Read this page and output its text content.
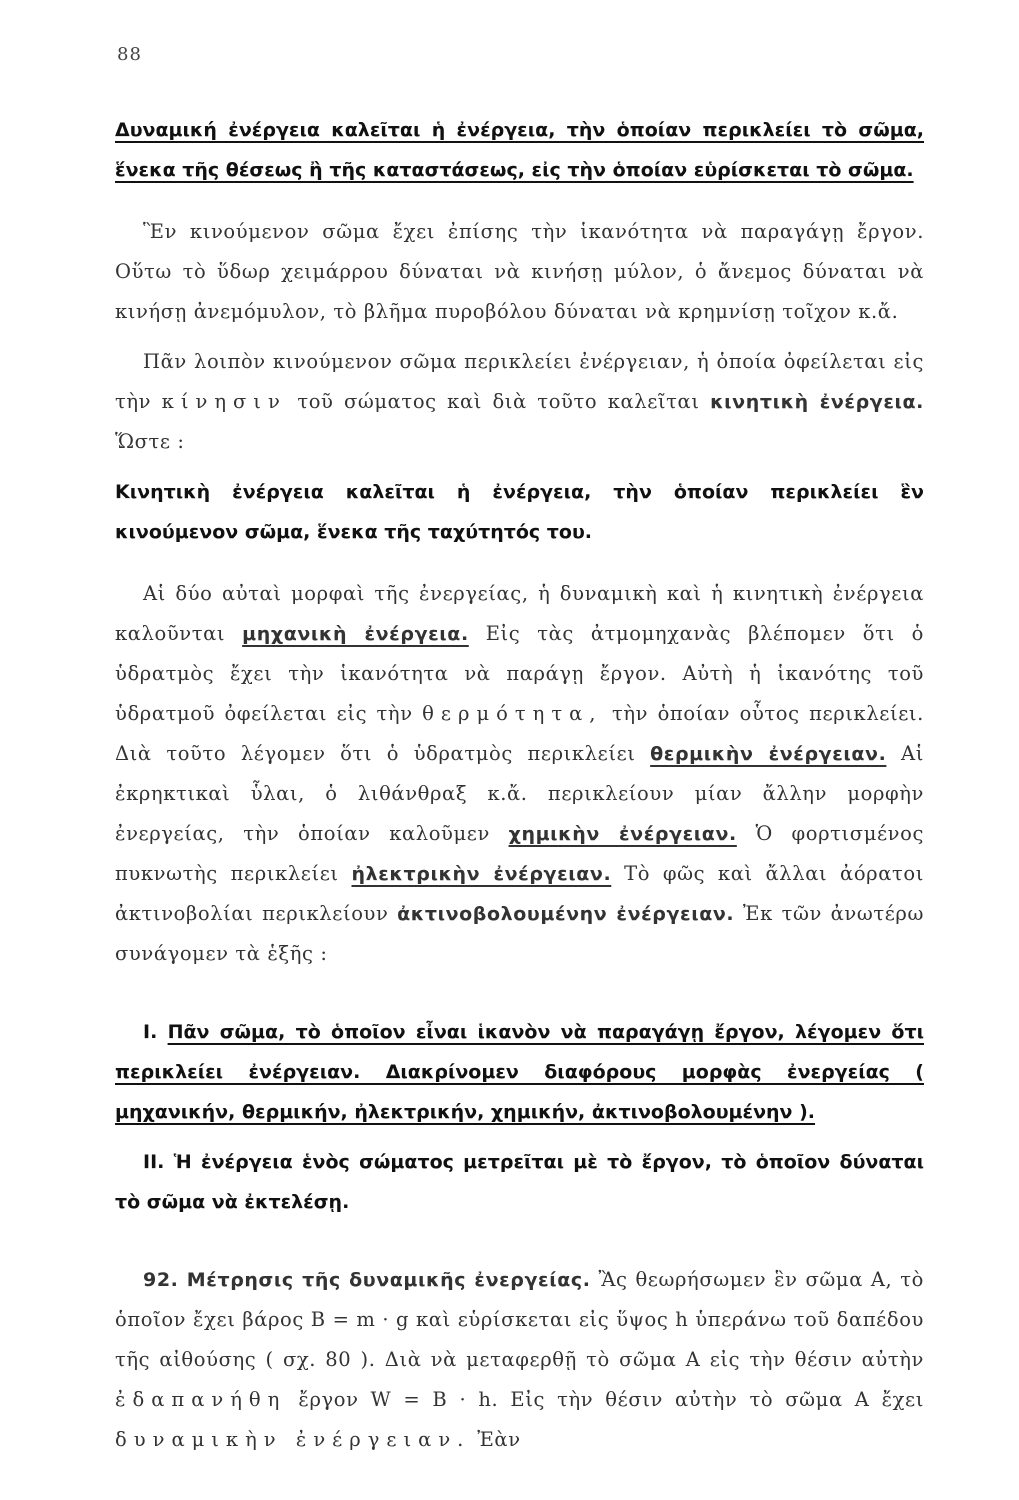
88

Δυναμική ἐνέργεια καλεῖται ἡ ἐνέργεια, τὴν ὁποίαν περικλείει τὸ σῶμα, ἕνεκα τῆς θέσεως ἢ τῆς καταστάσεως, εἰς τὴν ὁποίαν εὑρίσκεται τὸ σῶμα.

Ἓν κινούμενον σῶμα ἔχει ἐπίσης τὴν ἱκανότητα νὰ παραγάγῃ ἔργον. Οὕτω τὸ ὕδωρ χειμάρρου δύναται νὰ κινήσῃ μύλον, ὁ ἄνεμος δύναται νὰ κινήσῃ ἀνεμόμυλον, τὸ βλῆμα πυροβόλου δύναται νὰ κρημνίσῃ τοῖχον κ.ἄ.

Πᾶν λοιπὸν κινούμενον σῶμα περικλείει ἐνέργειαν, ἡ ὁποία ὀφείλεται εἰς τὴν κίνησιν τοῦ σώματος καὶ διὰ τοῦτο καλεῖται κινητικὴ ἐνέργεια. Ὥστε :

Κινητικὴ ἐνέργεια καλεῖται ἡ ἐνέργεια, τὴν ὁποίαν περικλείει ἓν κινούμενον σῶμα, ἕνεκα τῆς ταχύτητός του.

Αἱ δύο αὐταὶ μορφαὶ τῆς ἐνεργείας, ἡ δυναμικὴ καὶ ἡ κινητικὴ ἐνέργεια καλοῦνται μηχανικὴ ἐνέργεια. Εἰς τὰς ἀτμομηχανὰς βλέπομεν ὅτι ὁ ὑδρατμὸς ἔχει τὴν ἱκανότητα νὰ παράγῃ ἔργον. Αὐτὴ ἡ ἱκανότης τοῦ ὑδρατμοῦ ὀφείλεται εἰς τὴν θερμότητα, τὴν ὁποίαν οὗτος περικλείει. Διὰ τοῦτο λέγομεν ὅτι ὁ ὑδρατμὸς περικλείει θερμικὴν ἐνέργειαν. Αἱ ἐκρηκτικαὶ ὗλαι, ὁ λιθάνθραξ κ.ἄ. περικλείουν μίαν ἄλλην μορφὴν ἐνεργείας, τὴν ὁποίαν καλοῦμεν χημικὴν ἐνέργειαν. Ὁ φορτισμένος πυκνωτὴς περικλείει ἠλεκτρικὴν ἐνέργειαν. Τὸ φῶς καὶ ἄλλαι ἀόρατοι ἀκτινοβολίαι περικλείουν ἀκτινοβολουμένην ἐνέργειαν. Ἐκ τῶν ἀνωτέρω συνάγομεν τὰ ἑξῆς :

Ι. Πᾶν σῶμα, τὸ ὁποῖον εἶναι ἱκανὸν νὰ παραγάγῃ ἔργον, λέγομεν ὅτι περικλείει ἐνέργειαν. Διακρίνομεν διαφόρους μορφὰς ἐνεργείας ( μηχανικήν, θερμικήν, ἠλεκτρικήν, χημικήν, ἀκτινοβολουμένην ).

ΙΙ. Ἡ ἐνέργεια ἑνὸς σώματος μετρεῖται μὲ τὸ ἔργον, τὸ ὁποῖον δύναται τὸ σῶμα νὰ ἐκτελέσῃ.

92. Μέτρησις τῆς δυναμικῆς ἐνεργείας. Ἂς θεωρήσωμεν ἓν σῶμα Α, τὸ ὁποῖον ἔχει βάρος Β = m · g καὶ εὑρίσκεται εἰς ὕψος h ὑπεράνω τοῦ δαπέδου τῆς αἰθούσης ( σχ. 80 ). Διὰ νὰ μεταφερθῇ τὸ σῶμα Α εἰς τὴν θέσιν αὐτὴν ἐδαπανήθη ἔργον W = B · h. Εἰς τὴν θέσιν αὐτὴν τὸ σῶμα Α ἔχει δυναμικὴν ἐνέργειαν. Ἐὰν
